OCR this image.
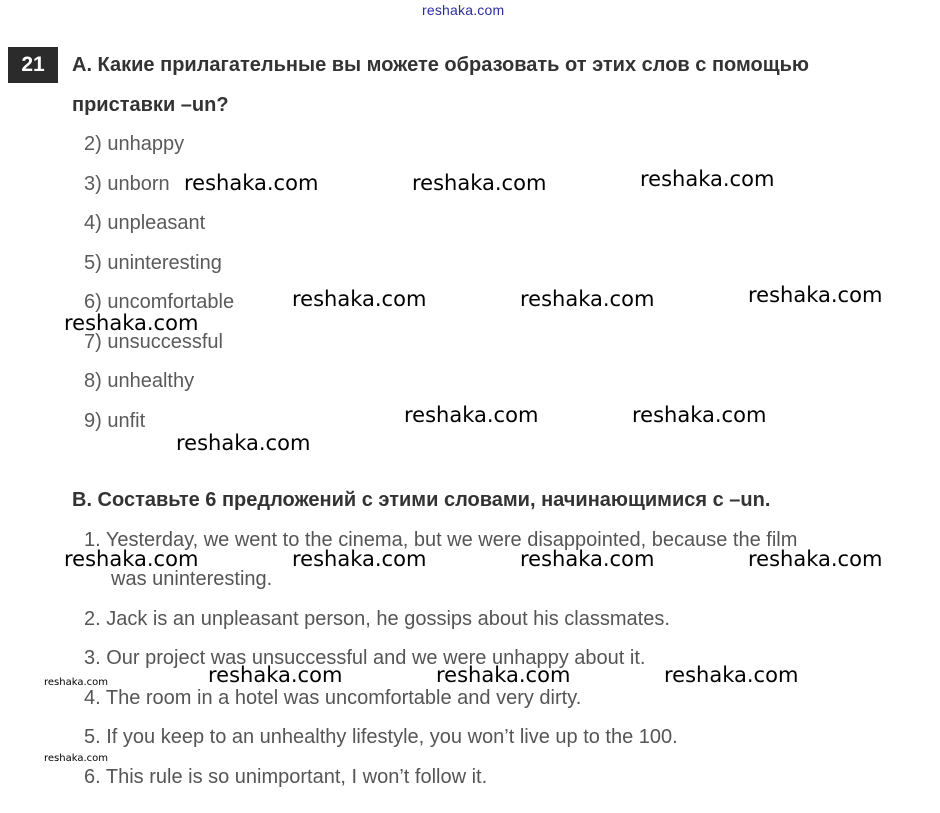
reshaka.com
21	A. Какие прилагательные вы можете образовать от этих слов с помощью
приставки –un?
2) unhappy
3) unborn
4) unpleasant
5) uninteresting
6) uncomfortable
7) unsuccessful
8) unhealthy
9) unfit
B. Составьте 6 предложений с этими словами, начинающимися с –un.
1. Yesterday, we went to the cinema, but we were disappointed, because the film
was uninteresting.
2. Jack is an unpleasant person, he gossips about his classmates.
3. Our project was unsuccessful and we were unhappy about it.
4. The room in a hotel was uncomfortable and very dirty.
5. If you keep to an unhealthy lifestyle, you won’t live up to the 100.
6. This rule is so unimportant, I won’t follow it.
reshaka.com	reshaka.com	reshaka.com
reshaka.com	reshaka.com	reshaka.com
reshaka.com
reshaka.com	reshaka.com
reshaka.com
reshaka.com	reshaka.com	reshaka.com	reshaka.com
reshaka.com	reshaka.com	reshaka.com
reshaka.com
reshaka.com
